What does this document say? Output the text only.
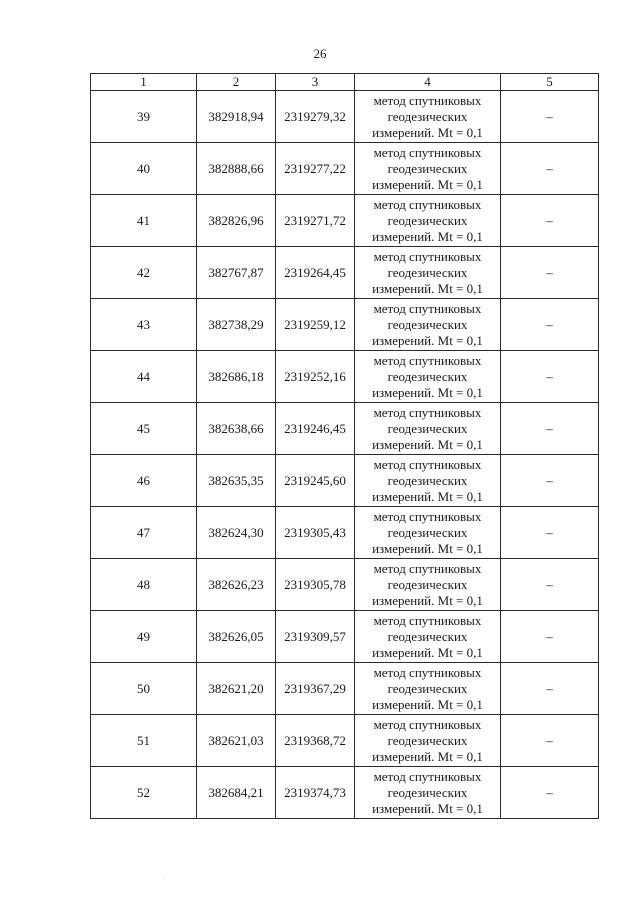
26
1	2	3	4	5
39	382918,94	2319279,32	метод спутниковых
геодезических
измерений. Mt = 0,1	–
40	382888,66	2319277,22	метод спутниковых
геодезических
измерений. Mt = 0,1	–
41	382826,96	2319271,72	метод спутниковых
геодезических
измерений. Mt = 0,1	–
42	382767,87	2319264,45	метод спутниковых
геодезических
измерений. Mt = 0,1	–
43	382738,29	2319259,12	метод спутниковых
геодезических
измерений. Mt = 0,1	–
44	382686,18	2319252,16	метод спутниковых
геодезических
измерений. Mt = 0,1	–
45	382638,66	2319246,45	метод спутниковых
геодезических
измерений. Mt = 0,1	–
46	382635,35	2319245,60	метод спутниковых
геодезических
измерений. Mt = 0,1	–
47	382624,30	2319305,43	метод спутниковых
геодезических
измерений. Mt = 0,1	–
48	382626,23	2319305,78	метод спутниковых
геодезических
измерений. Mt = 0,1	–
49	382626,05	2319309,57	метод спутниковых
геодезических
измерений. Mt = 0,1	–
50	382621,20	2319367,29	метод спутниковых
геодезических
измерений. Mt = 0,1	–
51	382621,03	2319368,72	метод спутниковых
геодезических
измерений. Mt = 0,1	–
52	382684,21	2319374,73	метод спутниковых
геодезических
измерений. Mt = 0,1	–
·
